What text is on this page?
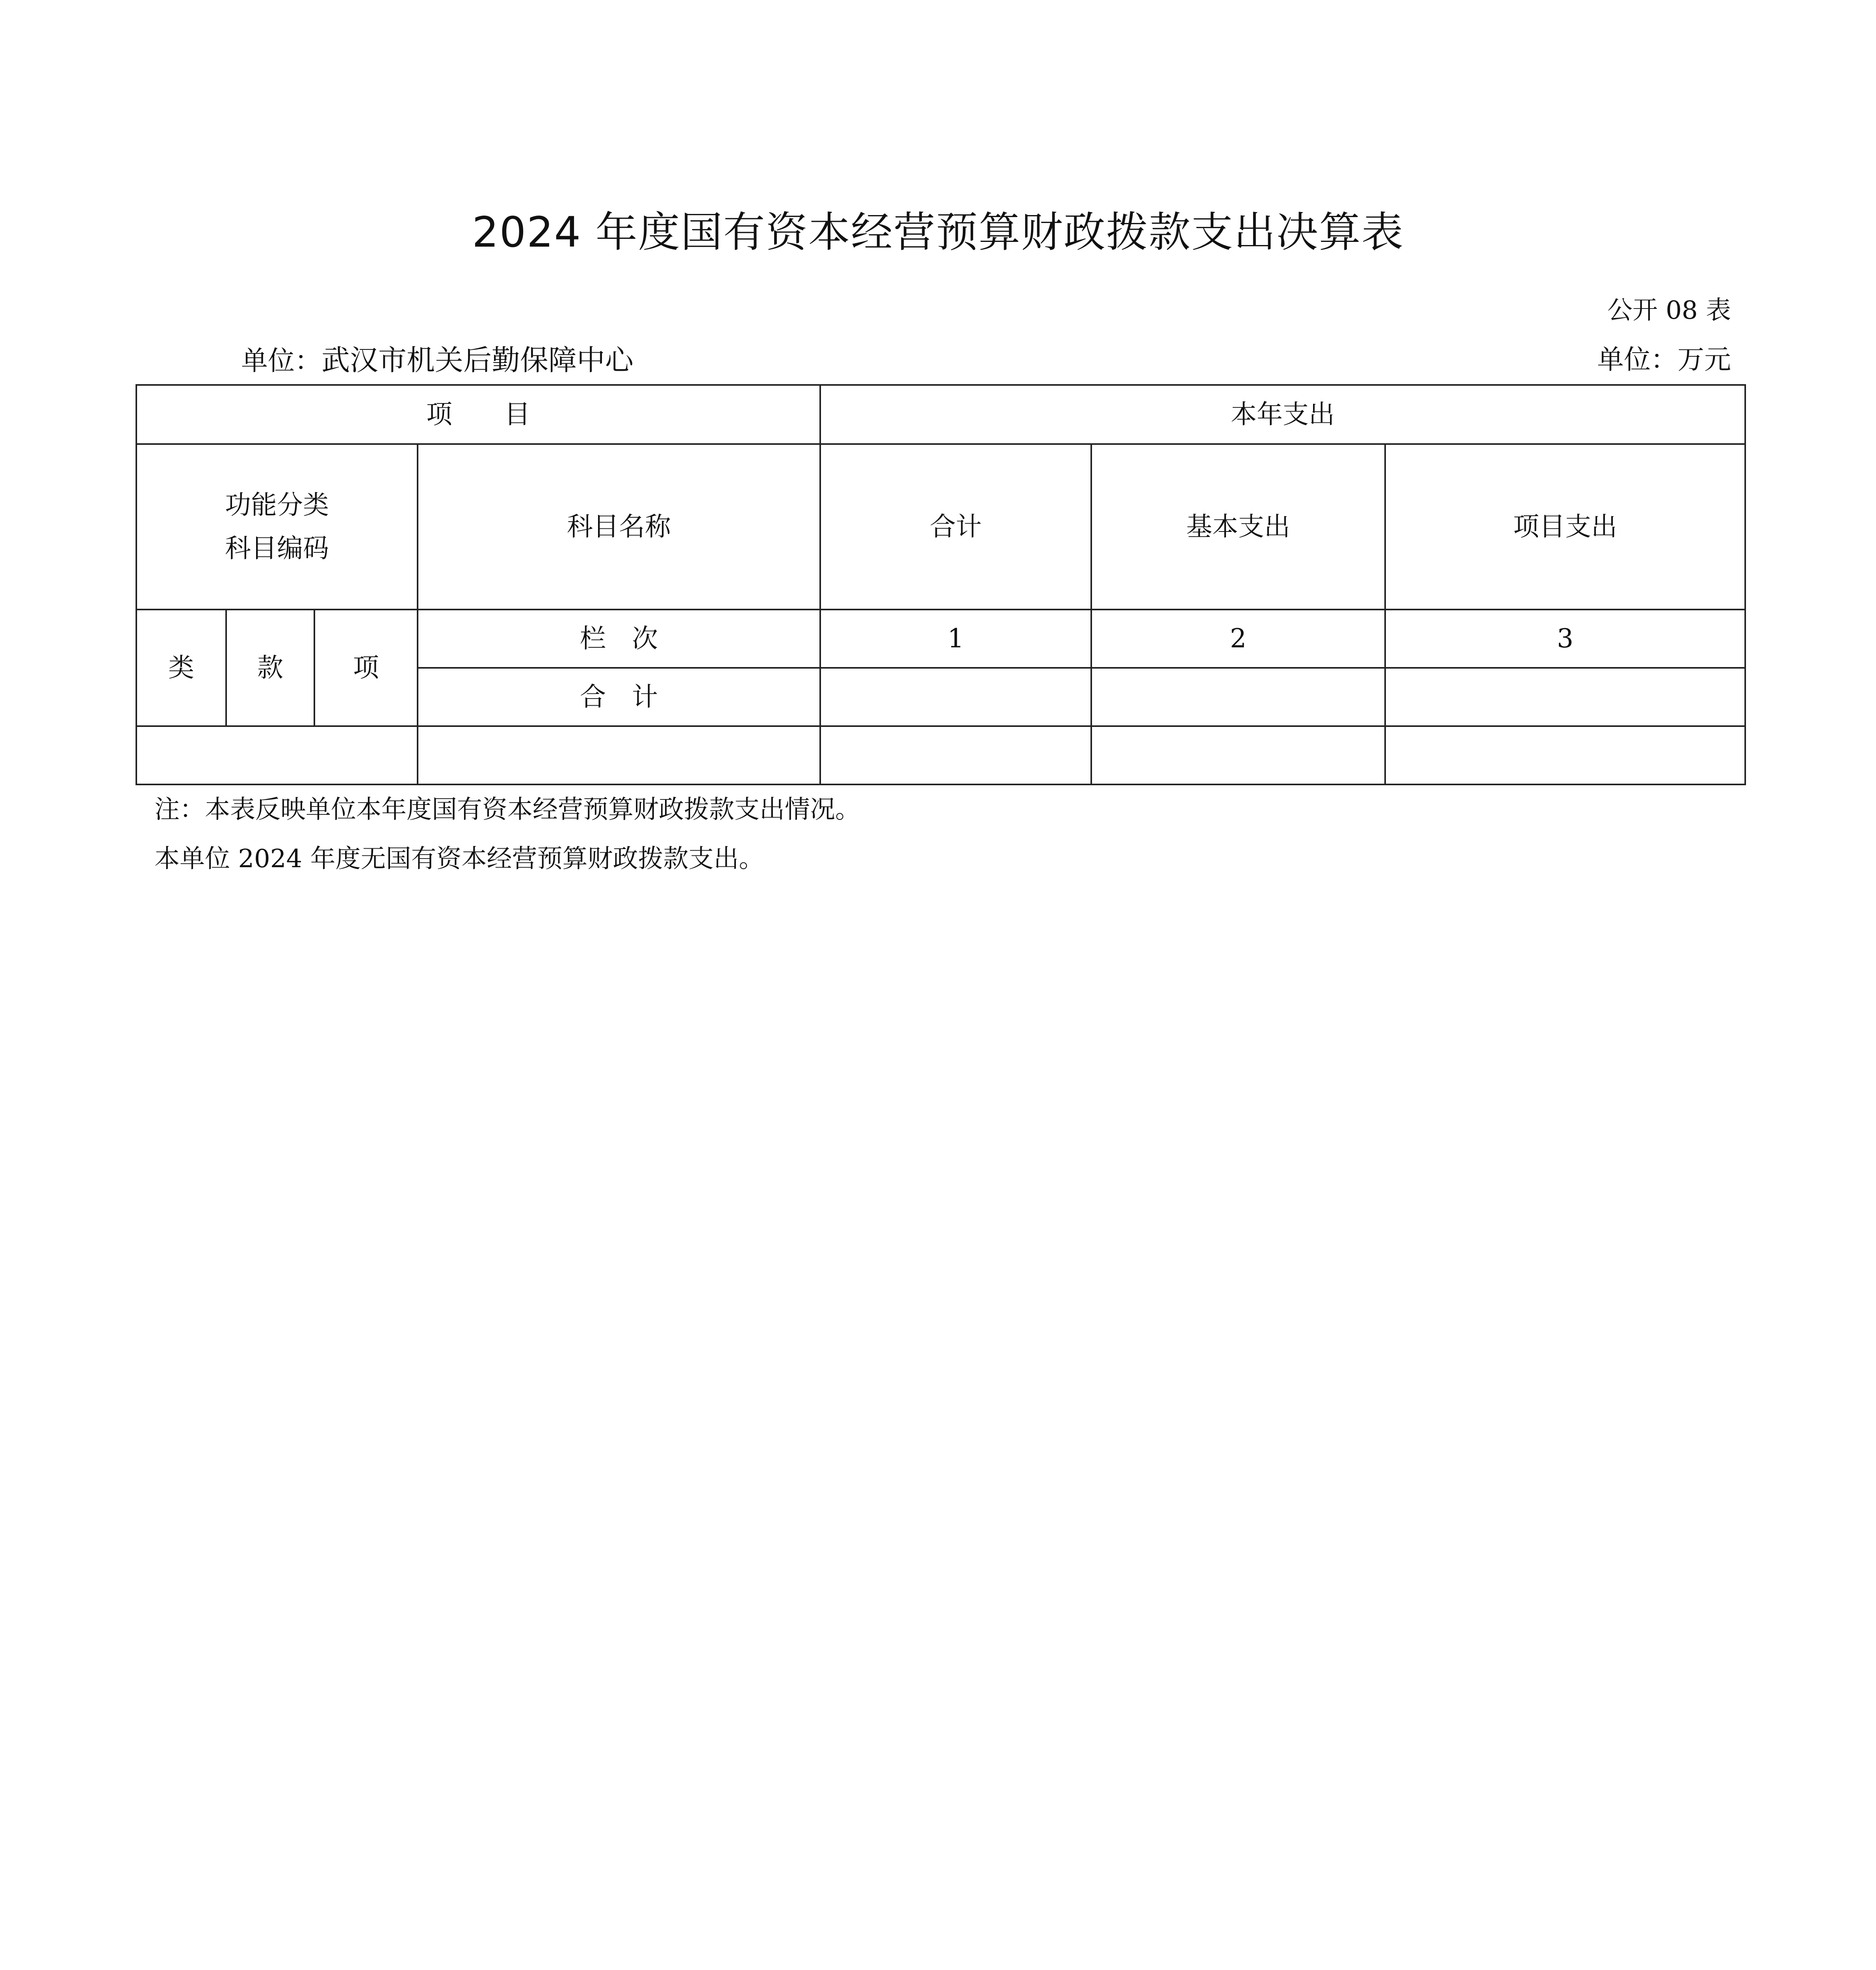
2024 年度国有资本经营预算财政拨款支出决算表
公开 08 表
单位：武汉市机关后勤保障中心	单位：万元
项　　目				本年支出		

功能分类
科目编码			科目名称	合计	基本支出	项目支出
类	款	项	栏　次	1	2	3
			合　计			

注：本表反映单位本年度国有资本经营预算财政拨款支出情况。
本单位 2024 年度无国有资本经营预算财政拨款支出。
